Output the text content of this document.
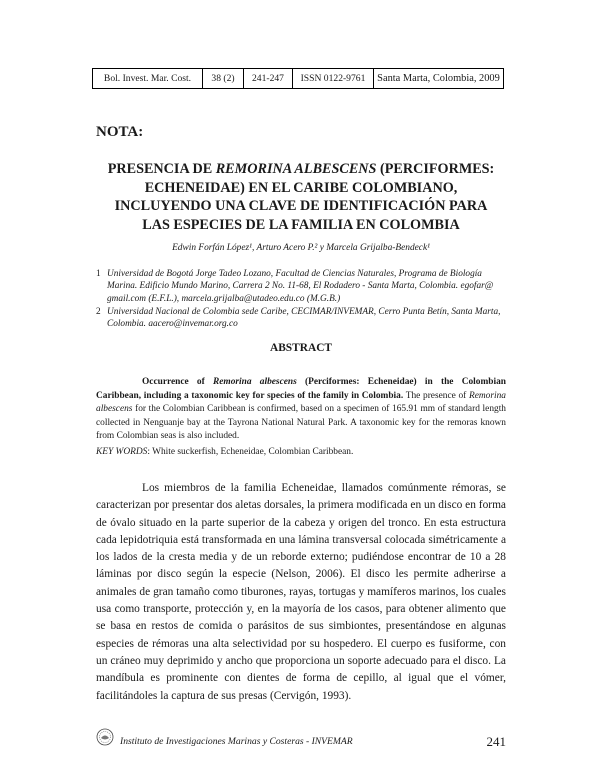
Bol. Invest. Mar. Cost.	38 (2)	241-247	ISSN 0122-9761	Santa Marta, Colombia, 2009
NOTA:
PRESENCIA DE REMORINA ALBESCENS (PERCIFORMES:
ECHENEIDAE) EN EL CARIBE COLOMBIANO,
INCLUYENDO UNA CLAVE DE IDENTIFICACIÓN PARA
LAS ESPECIES DE LA FAMILIA EN COLOMBIA
Edwin Forfán López¹, Arturo Acero P.² y Marcela Grijalba-Bendeck¹
1 Universidad de Bogotá Jorge Tadeo Lozano, Facultad de Ciencias Naturales, Programa de Biología Marina. Edificio Mundo Marino, Carrera 2 No. 11-68, El Rodadero - Santa Marta, Colombia. egofar@ gmail.com (E.F.L.), marcela.grijalba@utadeo.edu.co (M.G.B.)
2 Universidad Nacional de Colombia sede Caribe, CECIMAR/INVEMAR, Cerro Punta Betín, Santa Marta, Colombia. aacero@invemar.org.co
ABSTRACT
Occurrence of Remorina albescens (Perciformes: Echeneidae) in the Colombian Caribbean, including a taxonomic key for species of the family in Colombia. The presence of Remorina albescens for the Colombian Caribbean is confirmed, based on a specimen of 165.91 mm of standard length collected in Nenguanje bay at the Tayrona National Natural Park. A taxonomic key for the remoras known from Colombian seas is also included.
KEY WORDS: White suckerfish, Echeneidae, Colombian Caribbean.
Los miembros de la familia Echeneidae, llamados comúnmente rémoras, se caracterizan por presentar dos aletas dorsales, la primera modificada en un disco en forma de óvalo situado en la parte superior de la cabeza y origen del tronco. En esta estructura cada lepidotriquia está transformada en una lámina transversal colocada simétricamente a los lados de la cresta media y de un reborde externo; pudiéndose encontrar de 10 a 28 láminas por disco según la especie (Nelson, 2006). El disco les permite adherirse a animales de gran tamaño como tiburones, rayas, tortugas y mamíferos marinos, los cuales usa como transporte, protección y, en la mayoría de los casos, para obtener alimento que se basa en restos de comida o parásitos de sus simbiontes, presentándose en algunas especies de rémoras una alta selectividad por su hospedero. El cuerpo es fusiforme, con un cráneo muy deprimido y ancho que proporciona un soporte adecuado para el disco. La mandíbula es prominente con dientes de forma de cepillo, al igual que el vómer, facilitándoles la captura de sus presas (Cervigón, 1993).
Instituto de Investigaciones Marinas y Costeras - INVEMAR	241
